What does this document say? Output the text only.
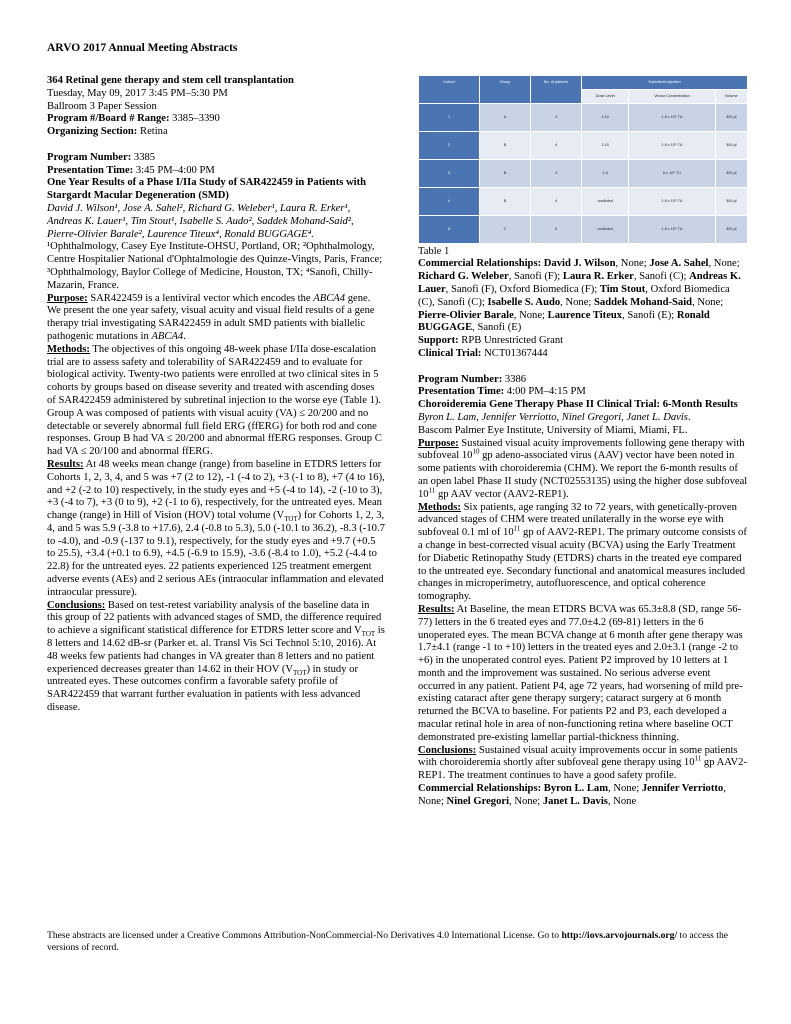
ARVO 2017 Annual Meeting Abstracts

364 Retinal gene therapy and stem cell transplantation

Tuesday, May 09, 2017 3:45 PM–5:30 PM

Ballroom 3 Paper Session

Program #/Board # Range: 3385–3390

Organizing Section: Retina

Program Number: 3385

Presentation Time: 3:45 PM–4:00 PM

One Year Results of a Phase I/IIa Study of SAR422459 in Patients with Stargardt Macular Degeneration (SMD)

David J. Wilson¹, Jose A. Sahel², Richard G. Weleber¹, Laura R. Erker¹, Andreas K. Lauer¹, Tim Stout¹, Isabelle S. Audo², Saddek Mohand-Said², Pierre-Olivier Barale², Laurence Titeux⁴, Ronald BUGGAGE⁴. ¹Ophthalmology, Casey Eye Institute-OHSU, Portland, OR; ²Ophthalmology, Centre Hospitalier National d'Ophtalmologie des Quinze-Vingts, Paris, France; ³Ophthalmology, Baylor College of Medicine, Houston, TX; ⁴Sanofi, Chilly-Mazarin, France.

Purpose: SAR422459 is a lentiviral vector which encodes the ABCA4 gene. We present the one year safety, visual acuity and visual field results of a gene therapy trial investigating SAR422459 in adult SMD patients with biallelic pathogenic mutations in ABCA4.

Methods: The objectives of this ongoing 48-week phase I/IIa dose-escalation trial are to assess safety and tolerability of SAR422459 and to evaluate for biological activity. Twenty-two patients were enrolled at two clinical sites in 5 cohorts by groups based on disease severity and treated with ascending doses of SAR422459 administered by subretinal injection to the worse eye (Table 1). Group A was composed of patients with visual acuity (VA) ≤ 20/200 and no detectable or severely abnormal full field ERG (ffERG) for both rod and cone responses. Group B had VA ≤ 20/200 and abnormal ffERG responses. Group C had VA ≤ 20/100 and abnormal ffERG.

Results: At 48 weeks mean change (range) from baseline in ETDRS letters for Cohorts 1, 2, 3, 4, and 5 was +7 (2 to 12), -1 (-4 to 2), +3 (-1 to 8), +7 (4 to 16), and +2 (-2 to 10) respectively, in the study eyes and +5 (-4 to 14), -2 (-10 to 3), +3 (-4 to 7), +3 (0 to 9), +2 (-1 to 6), respectively, for the untreated eyes. Mean change (range) in Hill of Vision (HOV) total volume $(V_{TOT})$ for Cohorts 1, 2, 3, 4, and 5 was 5.9 (-3.8 to +17.6), 2.4 (-0.8 to 5.3), 5.0 (-10.1 to 36.2), -8.3 (-10.7 to -4.0), and -0.9 (-137 to 9.1), respectively, for the study eyes and +9.7 (+0.5 to 25.5), +3.4 (+0.1 to 6.9), +4.5 (-6.9 to 15.9), -3.6 (-8.4 to 1.0), +5.2 (-4.4 to 22.8) for the untreated eyes. 22 patients experienced 125 treatment emergent adverse events (AEs) and 2 serious AEs (intraocular inflammation and elevated intraocular pressure).

Conclusions: Based on test-retest variability analysis of the baseline data in this group of 22 patients with advanced stages of SMD, the difference required to achieve a significant statistical difference for ETDRS letter score and $V_{TOT}$ is 8 letters and 14.62 dB-sr (Parker et. al. Transl Vis Sci Technol 5:10, 2016). At 48 weeks few patients had changes in VA greater than 8 letters and no patient experienced decreases greater than 14.62 in their HOV $(V_{TOT})$ in study or untreated eyes. These outcomes confirm a favorable safety profile of SAR422459 that warrant further evaluation in patients with less advanced disease.

Cohort	Group	No. of patients	Subretinal Injection		
			Dose Level	Vector Concentration	Volume
1	A	4	1:10	1.8 x 10⁵ TU	300 µl
2	B	4	1:10	1.8 x 10⁵ TU	300 µl
3	B	4	1:3	6 x 10⁵ TU	300 µl
4	B	4	undiluted	1.8 x 10⁶ TU	300 µl
5	C	6	undiluted	1.8 x 10⁶ TU	300 µl

Table 1

Commercial Relationships: David J. Wilson, None; Jose A. Sahel, None; Richard G. Weleber, Sanofi (F); Laura R. Erker, Sanofi (C); Andreas K. Lauer, Sanofi (F), Oxford Biomedica (F); Tim Stout, Oxford Biomedica (C), Sanofi (C); Isabelle S. Audo, None; Saddek Mohand-Said, None; Pierre-Olivier Barale, None; Laurence Titeux, Sanofi (E); Ronald BUGGAGE, Sanofi (E)

Support: RPB Unrestricted Grant

Clinical Trial: NCT01367444

Program Number: 3386

Presentation Time: 4:00 PM–4:15 PM

Choroideremia Gene Therapy Phase II Clinical Trial: 6-Month Results

Byron L. Lam, Jennifer Verriotto, Ninel Gregori, Janet L. Davis.

Bascom Palmer Eye Institute, University of Miami, Miami, FL.

Purpose: Sustained visual acuity improvements following gene therapy with subfoveal $10^{10}$ gp adeno-associated virus (AAV) vector have been noted in some patients with choroideremia (CHM). We report the 6-month results of an open label Phase II study (NCT02553135) using the higher dose subfoveal $10^{11}$ gp AAV vector (AAV2-REP1).

Methods: Six patients, age ranging 32 to 72 years, with genetically-proven advanced stages of CHM were treated unilaterally in the worse eye with subfoveal 0.1 ml of $10^{11}$ gp of AAV2-REP1. The primary outcome consists of a change in best-corrected visual acuity (BCVA) using the Early Treatment for Diabetic Retinopathy Study (ETDRS) charts in the treated eye compared to the untreated eye. Secondary functional and anatomical measures included changes in microperimetry, autofluorescence, and optical coherence tomography.

Results: At Baseline, the mean ETDRS BCVA was 65.3±8.8 (SD, range 56-77) letters in the 6 treated eyes and 77.0±4.2 (69-81) letters in the 6 unoperated eyes. The mean BCVA change at 6 month after gene therapy was 1.7±4.1 (range -1 to +10) letters in the treated eyes and 2.0±3.1 (range -2 to +6) in the unoperated control eyes. Patient P2 improved by 10 letters at 1 month and the improvement was sustained. No serious adverse event occurred in any patient. Patient P4, age 72 years, had worsening of mild pre-existing cataract after gene therapy surgery; cataract surgery at 6 month returned the BCVA to baseline. For patients P2 and P3, each developed a macular retinal hole in area of non-functioning retina where baseline OCT demonstrated pre-existing lamellar partial-thickness thinning.

Conclusions: Sustained visual acuity improvements occur in some patients with choroideremia shortly after subfoveal gene therapy using $10^{11}$ gp AAV2-REP1. The treatment continues to have a good safety profile.

Commercial Relationships: Byron L. Lam, None; Jennifer Verriotto, None; Ninel Gregori, None; Janet L. Davis, None

These abstracts are licensed under a Creative Commons Attribution-NonCommercial-No Derivatives 4.0 International License. Go to http://iovs.arvojournals.org/ to access the versions of record.
